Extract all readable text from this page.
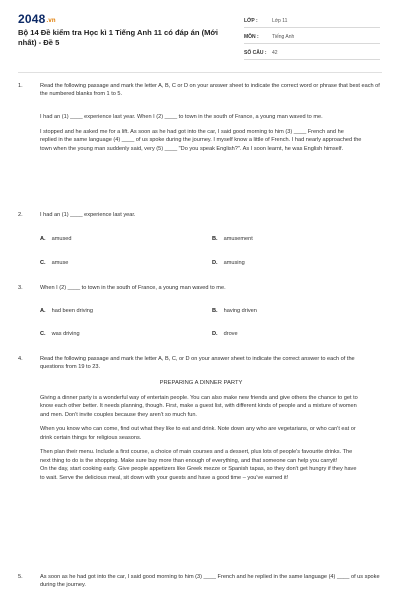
2048.vn
Bộ 14 Đề kiểm tra Học kì 1 Tiếng Anh 11 có đáp án (Mới nhất) - Đề 5
LỚP :	Lớp 11
MÔN :	Tiếng Anh
SỐ CÂU : 42
1.	Read the following passage and mark the letter A, B, C or D on your answer sheet to indicate the correct word or phrase that best each of the numbered blanks from 1 to 5.

I had an (1) ____ experience last year. When I (2) ____ to town in the south of France, a young man waved to me.

I stopped and he asked me for a lift. As soon as he had got into the car, I said good morning to him (3) ____ French and he replied in the same language (4) ____ of us spoke during the journey. I myself know a little of French. I had nearly approached the town when the young man suddenly said, very (5) ____ "Do you speak English?". As I soon learnt, he was English himself.

2.	I had an (1) ____ experience last year.
A. amused	B. amusement
C. amuse	D. amusing
3.	When I (2) ____ to town in the south of France, a young man waved to me.
A. had been driving	B. having driven
C. was driving	D. drove
4.	Read the following passage and mark the letter A, B, C, or D on your answer sheet to indicate the correct answer to each of the questions from 19 to 23.

PREPARING A DINNER PARTY

Giving a dinner party is a wonderful way of entertain people. You can also make new friends and give others the chance to get to know each other better. It needs planning, though. First, make a guest list, with different kinds of people and a mixture of women and men. Don't invite couples because they aren't so much fun.

When you know who can come, find out what they like to eat and drink. Note down any who are vegetarians, or who can't eat or drink certain things for religious seasons.

Then plan their menu. Include a first course, a choice of main courses and a dessert, plus lots of people's favourite drinks. The next thing to do is the shopping. Make sure buy more than enough of everything, and that someone can help you carryit!

On the day, start cooking early. Give people appetizers like Greek mezze or Spanish tapas, so they don't get hungry if they have to wait. Serve the delicious meal, sit down with your guests and have a good time – you've earned it!

5.	As soon as he had got into the car, I said good morning to him (3) ____ French and he replied in the same language (4) ____ of us spoke during the journey.
